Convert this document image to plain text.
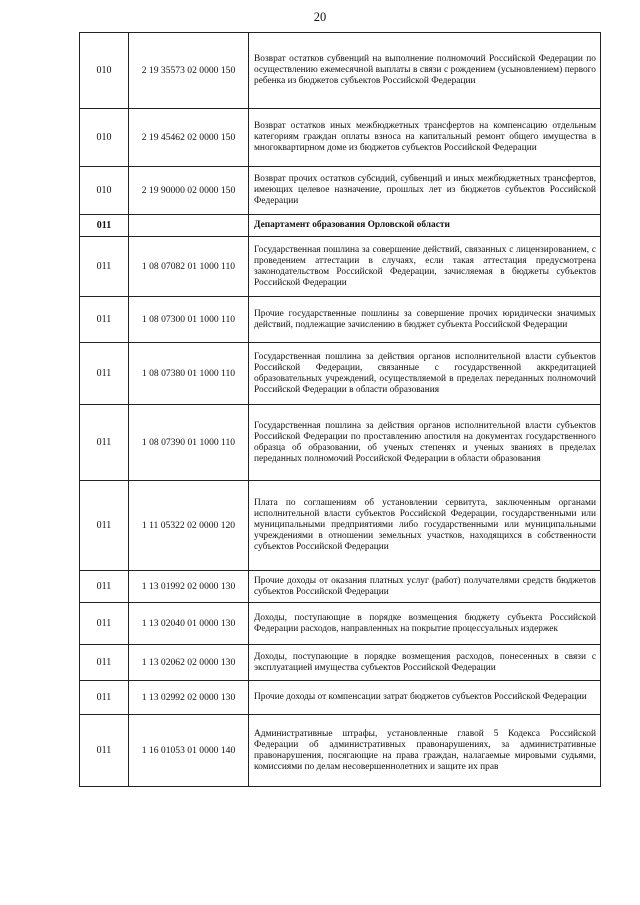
20
010	2 19 35573 02 0000 150	Возврат остатков субвенций на выполнение полномочий Российской Федерации по осуществлению ежемесячной выплаты в связи с рождением (усыновлением) первого ребенка из бюджетов субъектов Российской Федерации
010	2 19 45462 02 0000 150	Возврат остатков иных межбюджетных трансфертов на компенсацию отдельным категориям граждан оплаты взноса на капитальный ремонт общего имущества в многоквартирном доме из бюджетов субъектов Российской Федерации
010	2 19 90000 02 0000 150	Возврат прочих остатков субсидий, субвенций и иных межбюджетных трансфертов, имеющих целевое назначение, прошлых лет из бюджетов субъектов Российской Федерации
011		Департамент образования Орловской области
011	1 08 07082 01 1000 110	Государственная пошлина за совершение действий, связанных с лицензированием, с проведением аттестации в случаях, если такая аттестация предусмотрена законодательством Российской Федерации, зачисляемая в бюджеты субъектов Российской Федерации
011	1 08 07300 01 1000 110	Прочие государственные пошлины за совершение прочих юридически значимых действий, подлежащие зачислению в бюджет субъекта Российской Федерации
011	1 08 07380 01 1000 110	Государственная пошлина за действия органов исполнительной власти субъектов Российской Федерации, связанные с государственной аккредитацией образовательных учреждений, осуществляемой в пределах переданных полномочий Российской Федерации в области образования
011	1 08 07390 01 1000 110	Государственная пошлина за действия органов исполнительной власти субъектов Российской Федерации по проставлению апостиля на документах государственного образца об образовании, об ученых степенях и ученых званиях в пределах переданных полномочий Российской Федерации в области образования
011	1 11 05322 02 0000 120	Плата по соглашениям об установлении сервитута, заключенным органами исполнительной власти субъектов Российской Федерации, государственными или муниципальными предприятиями либо государственными или муниципальными учреждениями в отношении земельных участков, находящихся в собственности субъектов Российской Федерации
011	1 13 01992 02 0000 130	Прочие доходы от оказания платных услуг (работ) получателями средств бюджетов субъектов Российской Федерации
011	1 13 02040 01 0000 130	Доходы, поступающие в порядке возмещения бюджету субъекта Российской Федерации расходов, направленных на покрытие процессуальных издержек
011	1 13 02062 02 0000 130	Доходы, поступающие в порядке возмещения расходов, понесенных в связи с эксплуатацией имущества субъектов Российской Федерации
011	1 13 02992 02 0000 130	Прочие доходы от компенсации затрат бюджетов субъектов Российской Федерации
011	1 16 01053 01 0000 140	Административные штрафы, установленные главой 5 Кодекса Российской Федерации об административных правонарушениях, за административные правонарушения, посягающие на права граждан, налагаемые мировыми судьями, комиссиями по делам несовершеннолетних и защите их прав
